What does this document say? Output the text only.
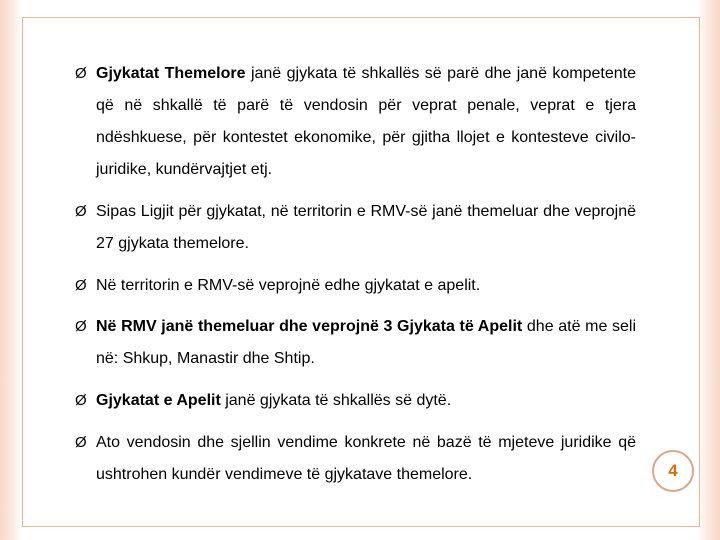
Ø Gjykatat Themelore janë gjykata të shkallës së parë dhe janë kompetente që në shkallë të parë të vendosin për veprat penale, veprat e tjera ndëshkuese, për kontestet ekonomike, për gjitha llojet e kontesteve civilo-juridike, kundërvajtjet etj.

Ø Sipas Ligjit për gjykatat, në territorin e RMV-së janë themeluar dhe veprojnë 27 gjykata themelore.

Ø Në territorin e RMV-së veprojnë edhe gjykatat e apelit.

Ø Në RMV janë themeluar dhe veprojnë 3 Gjykata të Apelit dhe atë me seli në: Shkup, Manastir dhe Shtip.

Ø Gjykatat e Apelit janë gjykata të shkallës së dytë.

Ø Ato vendosin dhe sjellin vendime konkrete në bazë të mjeteve juridike që ushtrohen kundër vendimeve të gjykatave themelore.	4
